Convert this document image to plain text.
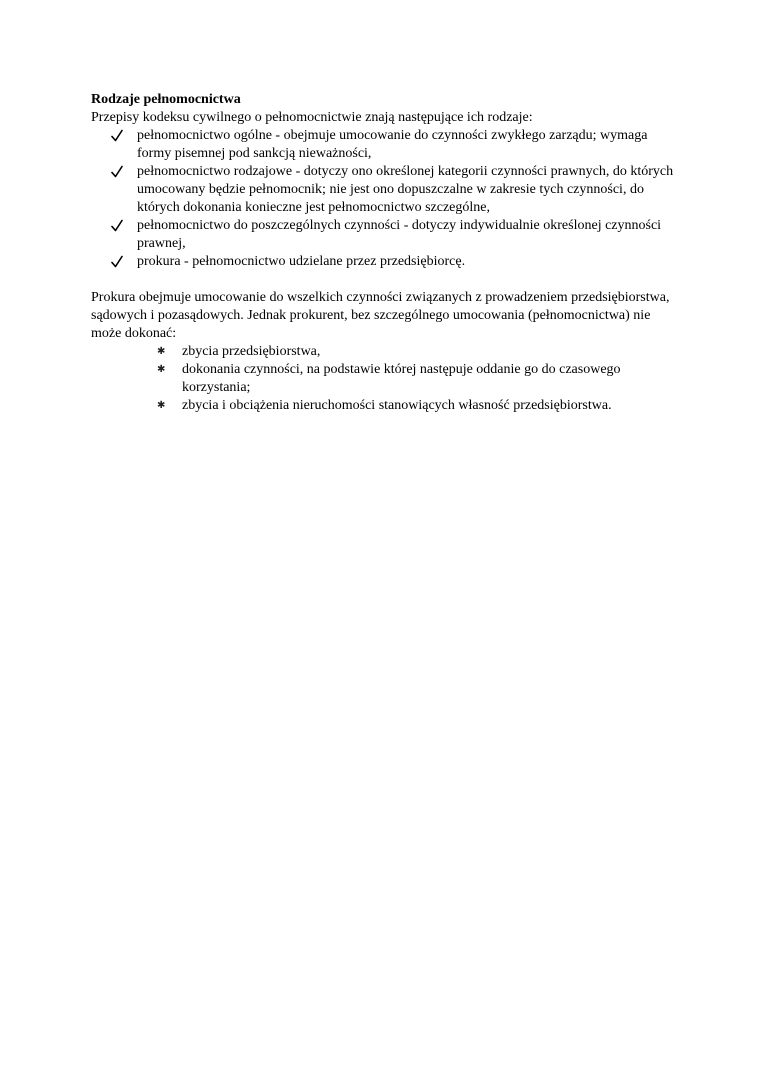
Rodzaje pełnomocnictwa

Przepisy kodeksu cywilnego o pełnomocnictwie znają następujące ich rodzaje:

pełnomocnictwo ogólne - obejmuje umocowanie do czynności zwykłego zarządu; wymaga formy pisemnej pod sankcją nieważności,
pełnomocnictwo rodzajowe - dotyczy ono określonej kategorii czynności prawnych, do których umocowany będzie pełnomocnik; nie jest ono dopuszczalne w zakresie tych czynności, do których dokonania konieczne jest pełnomocnictwo szczególne,
pełnomocnictwo do poszczególnych czynności - dotyczy indywidualnie określonej czynności prawnej,
prokura - pełnomocnictwo udzielane przez przedsiębiorcę.

Prokura obejmuje umocowanie do wszelkich czynności związanych z prowadzeniem przedsiębiorstwa, sądowych i pozasądowych. Jednak prokurent, bez szczególnego umocowania (pełnomocnictwa) nie może dokonać:

✱ zbycia przedsiębiorstwa,
✱ dokonania czynności, na podstawie której następuje oddanie go do czasowego korzystania;
✱ zbycia i obciążenia nieruchomości stanowiących własność przedsiębiorstwa.
